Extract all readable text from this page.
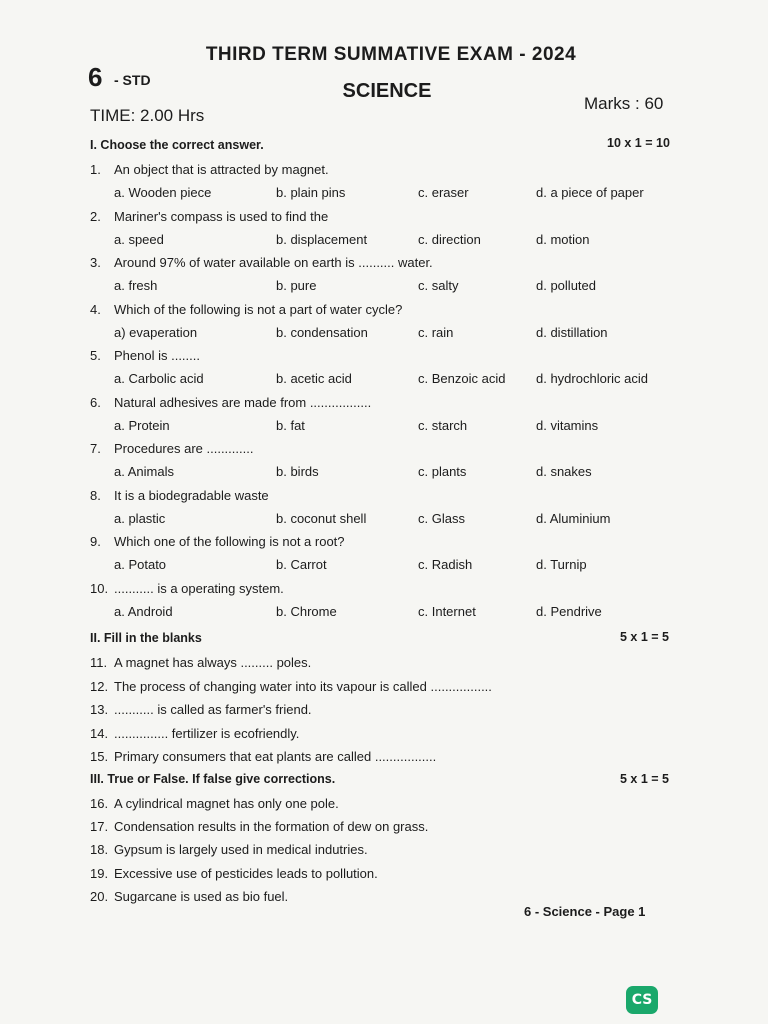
THIRD TERM SUMMATIVE EXAM - 2024
6 - STD	SCIENCE
Marks : 60
TIME: 2.00 Hrs
I. Choose the correct answer.	10 x 1 = 10
1. An object that is attracted by magnet.
a. Wooden piece	b. plain pins	c. eraser	d. a piece of paper
2. Mariner's compass is used to find the
a. speed	b. displacement	c. direction	d. motion
3. Around 97% of water available on earth is .......... water.
a. fresh	b. pure	c. salty	d. polluted
4. Which of the following is not a part of water cycle?
a) evaperation	b. condensation	c. rain	d. distillation
5. Phenol is ........
a. Carbolic acid	b. acetic acid	c. Benzoic acid d. hydrochloric acid
6. Natural adhesives are made from .................
a. Protein	b. fat	c. starch	d. vitamins
7. Procedures are .............
a. Animals	b. birds	c. plants	d. snakes
8. It is a biodegradable waste
a. plastic	b. coconut shell	c. Glass	d. Aluminium
9. Which one of the following is not a root?
a. Potato	b. Carrot	c. Radish	d. Turnip
10. ........... is a operating system.
a. Android	b. Chrome	c. Internet	d. Pendrive
II. Fill in the blanks	5 x 1 = 5
11. A magnet has always ......... poles.
12. The process of changing water into its vapour is called .................
13. ........... is called as farmer's friend.
14. ............... fertilizer is ecofriendly.
15. Primary consumers that eat plants are called .................
III. True or False. If false give corrections.	5 x 1 = 5
16. A cylindrical magnet has only one pole.
17. Condensation results in the formation of dew on grass.
18. Gypsum is largely used in medical indutries.
19. Excessive use of pesticides leads to pollution.
20. Sugarcane is used as bio fuel.
6 - Science - Page 1
CS
